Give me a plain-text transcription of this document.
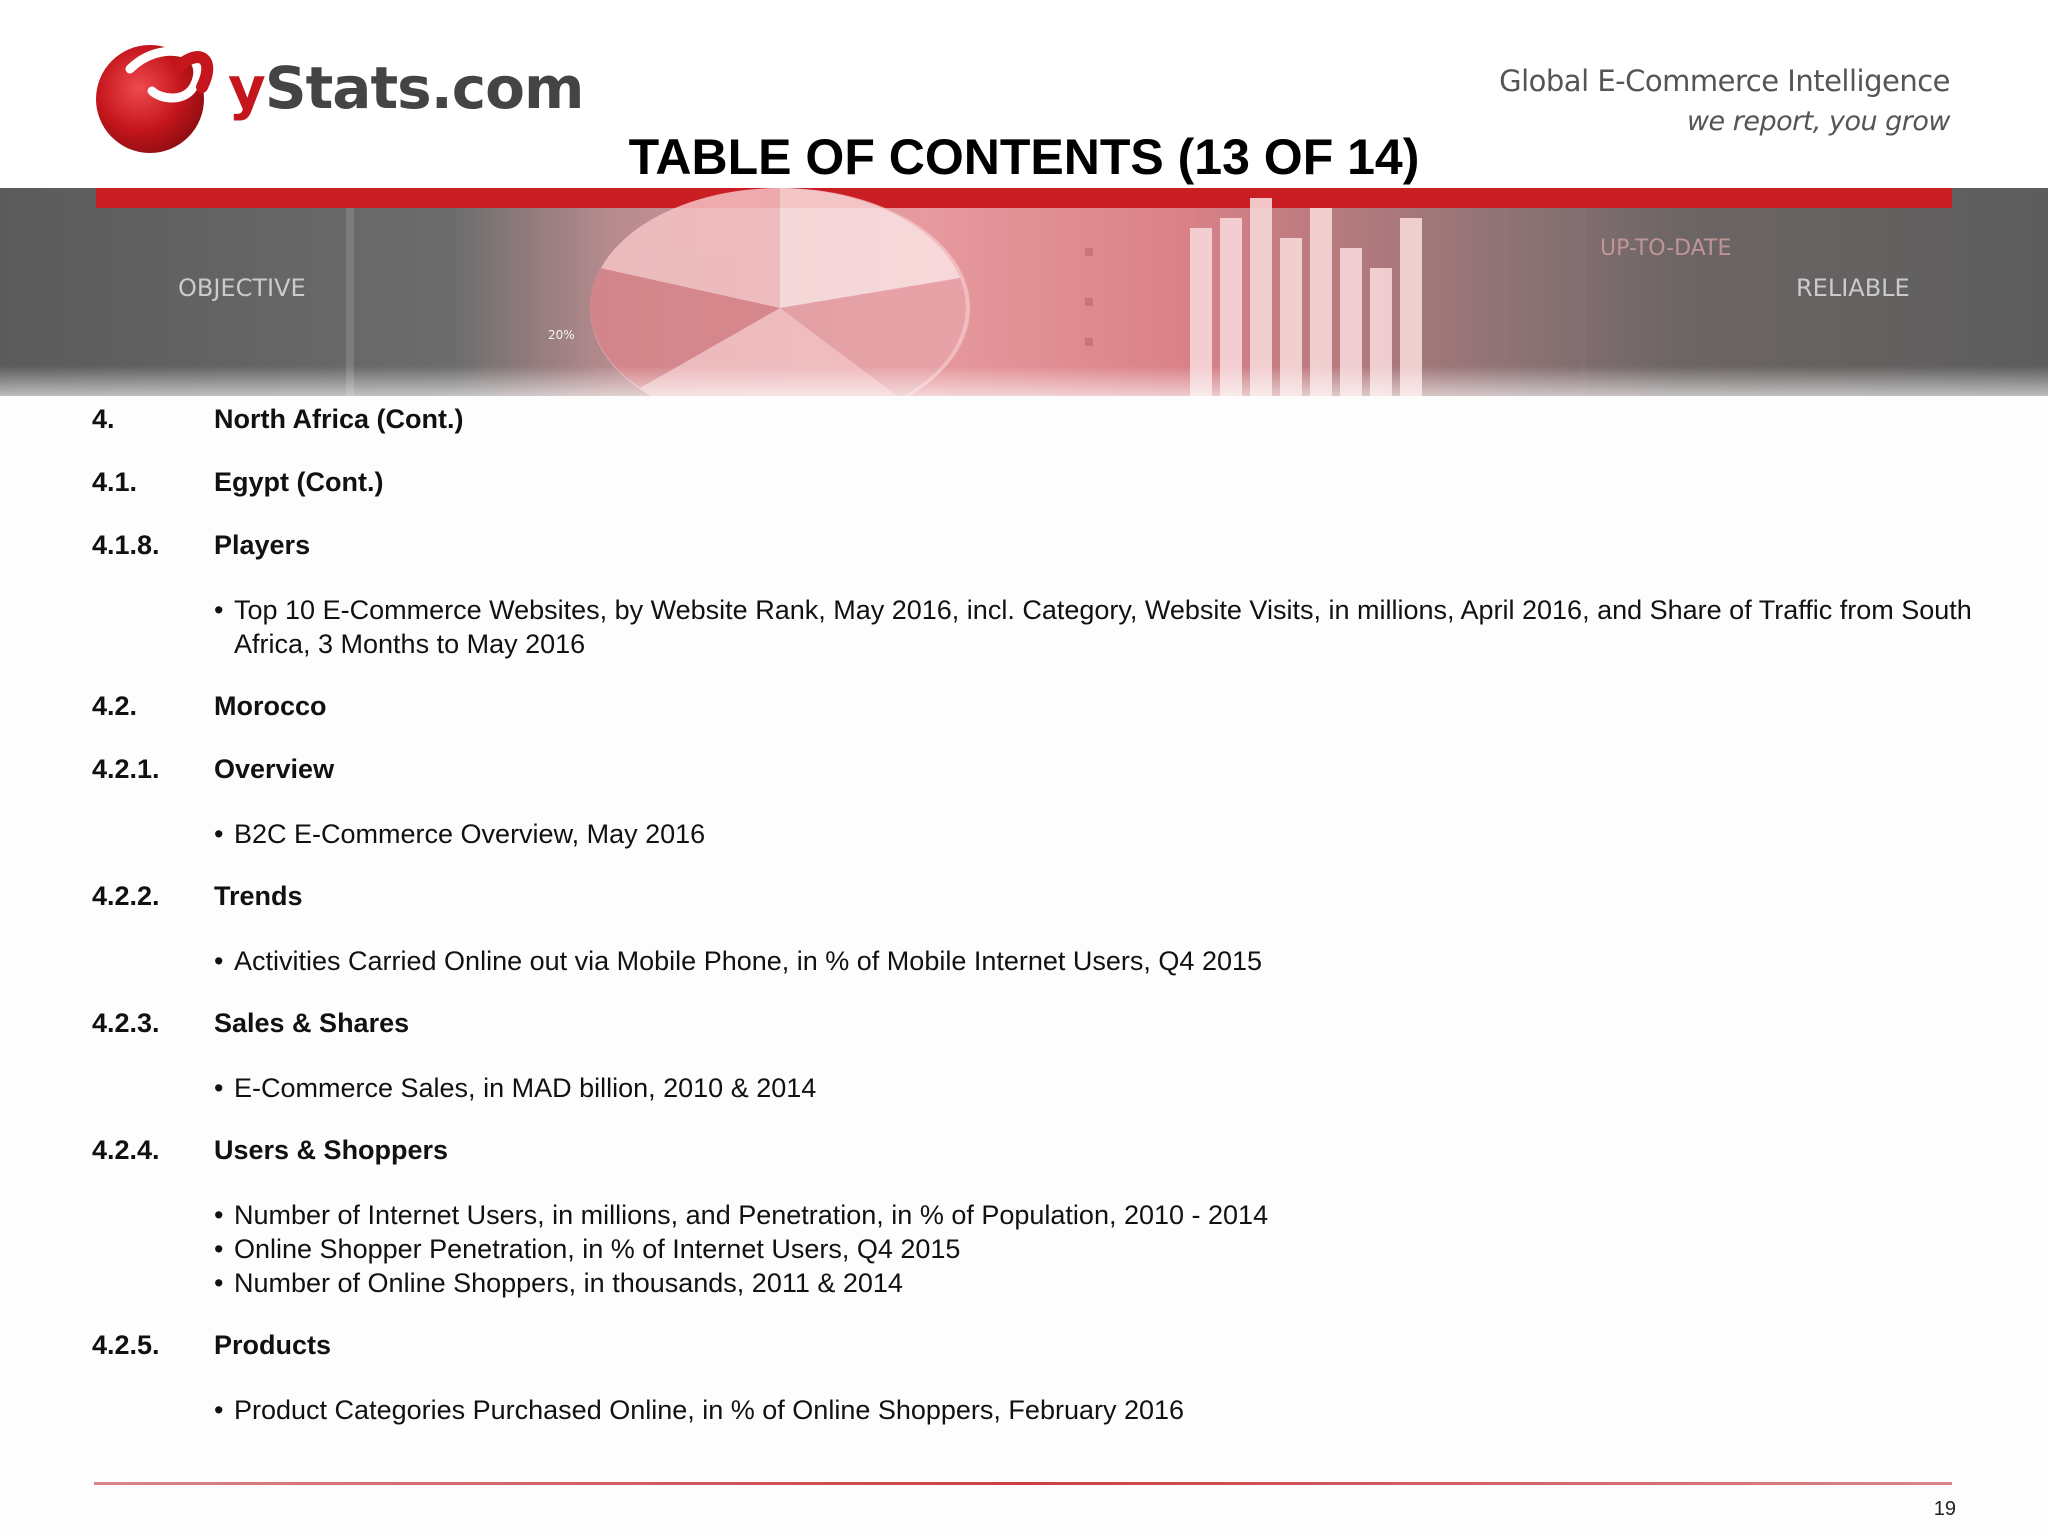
yStats.com	Global E-Commerce Intelligence
we report, you grow
TABLE OF CONTENTS (13 OF 14)
OBJECTIVE
UP-TO-DATE
RELIABLE
20%
4.	North Africa (Cont.)
4.1.	Egypt (Cont.)
4.1.8.	Players
• Top 10 E-Commerce Websites, by Website Rank, May 2016, incl. Category, Website Visits, in millions, April 2016, and Share of Traffic from South Africa, 3 Months to May 2016
4.2.	Morocco
4.2.1.	Overview
• B2C E-Commerce Overview, May 2016
4.2.2.	Trends
• Activities Carried Online out via Mobile Phone, in % of Mobile Internet Users, Q4 2015
4.2.3.	Sales & Shares
• E-Commerce Sales, in MAD billion, 2010 & 2014
4.2.4.	Users & Shoppers
• Number of Internet Users, in millions, and Penetration, in % of Population, 2010 - 2014
• Online Shopper Penetration, in % of Internet Users, Q4 2015
• Number of Online Shoppers, in thousands, 2011 & 2014
4.2.5.	Products
• Product Categories Purchased Online, in % of Online Shoppers, February 2016
19
